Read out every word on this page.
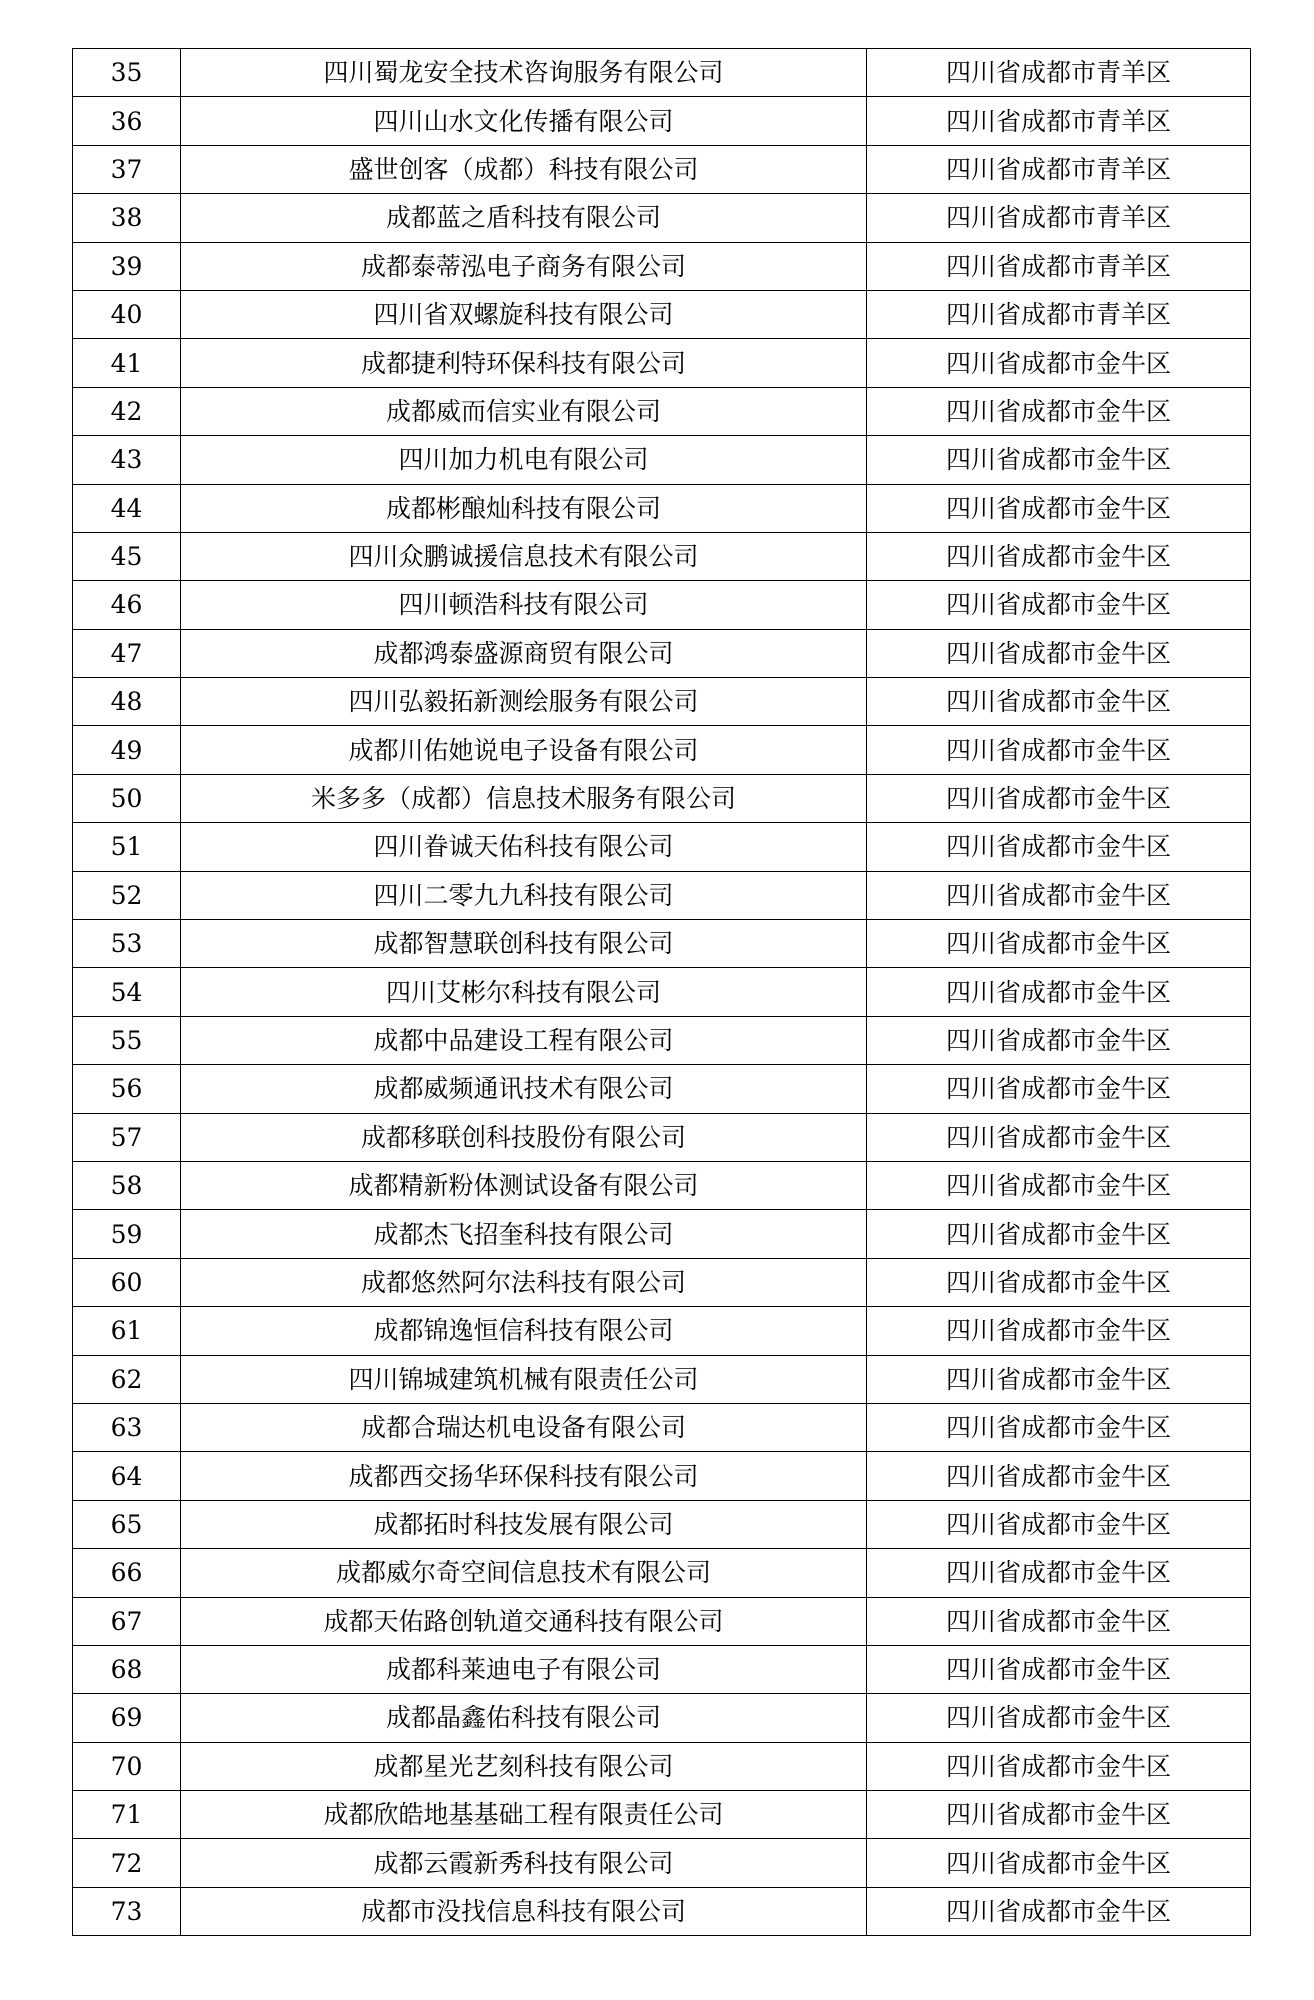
35	四川蜀龙安全技术咨询服务有限公司	四川省成都市青羊区
36	四川山水文化传播有限公司	四川省成都市青羊区
37	盛世创客（成都）科技有限公司	四川省成都市青羊区
38	成都蓝之盾科技有限公司	四川省成都市青羊区
39	成都泰蒂泓电子商务有限公司	四川省成都市青羊区
40	四川省双螺旋科技有限公司	四川省成都市青羊区
41	成都捷利特环保科技有限公司	四川省成都市金牛区
42	成都威而信实业有限公司	四川省成都市金牛区
43	四川加力机电有限公司	四川省成都市金牛区
44	成都彬酿灿科技有限公司	四川省成都市金牛区
45	四川众鹏诚援信息技术有限公司	四川省成都市金牛区
46	四川顿浩科技有限公司	四川省成都市金牛区
47	成都鸿泰盛源商贸有限公司	四川省成都市金牛区
48	四川弘毅拓新测绘服务有限公司	四川省成都市金牛区
49	成都川佑她说电子设备有限公司	四川省成都市金牛区
50	米多多（成都）信息技术服务有限公司	四川省成都市金牛区
51	四川眷诚天佑科技有限公司	四川省成都市金牛区
52	四川二零九九科技有限公司	四川省成都市金牛区
53	成都智慧联创科技有限公司	四川省成都市金牛区
54	四川艾彬尔科技有限公司	四川省成都市金牛区
55	成都中品建设工程有限公司	四川省成都市金牛区
56	成都威频通讯技术有限公司	四川省成都市金牛区
57	成都移联创科技股份有限公司	四川省成都市金牛区
58	成都精新粉体测试设备有限公司	四川省成都市金牛区
59	成都杰飞招奎科技有限公司	四川省成都市金牛区
60	成都悠然阿尔法科技有限公司	四川省成都市金牛区
61	成都锦逸恒信科技有限公司	四川省成都市金牛区
62	四川锦城建筑机械有限责任公司	四川省成都市金牛区
63	成都合瑞达机电设备有限公司	四川省成都市金牛区
64	成都西交扬华环保科技有限公司	四川省成都市金牛区
65	成都拓时科技发展有限公司	四川省成都市金牛区
66	成都威尔奇空间信息技术有限公司	四川省成都市金牛区
67	成都天佑路创轨道交通科技有限公司	四川省成都市金牛区
68	成都科莱迪电子有限公司	四川省成都市金牛区
69	成都晶鑫佑科技有限公司	四川省成都市金牛区
70	成都星光艺刻科技有限公司	四川省成都市金牛区
71	成都欣皓地基基础工程有限责任公司	四川省成都市金牛区
72	成都云霞新秀科技有限公司	四川省成都市金牛区
73	成都市没找信息科技有限公司	四川省成都市金牛区
